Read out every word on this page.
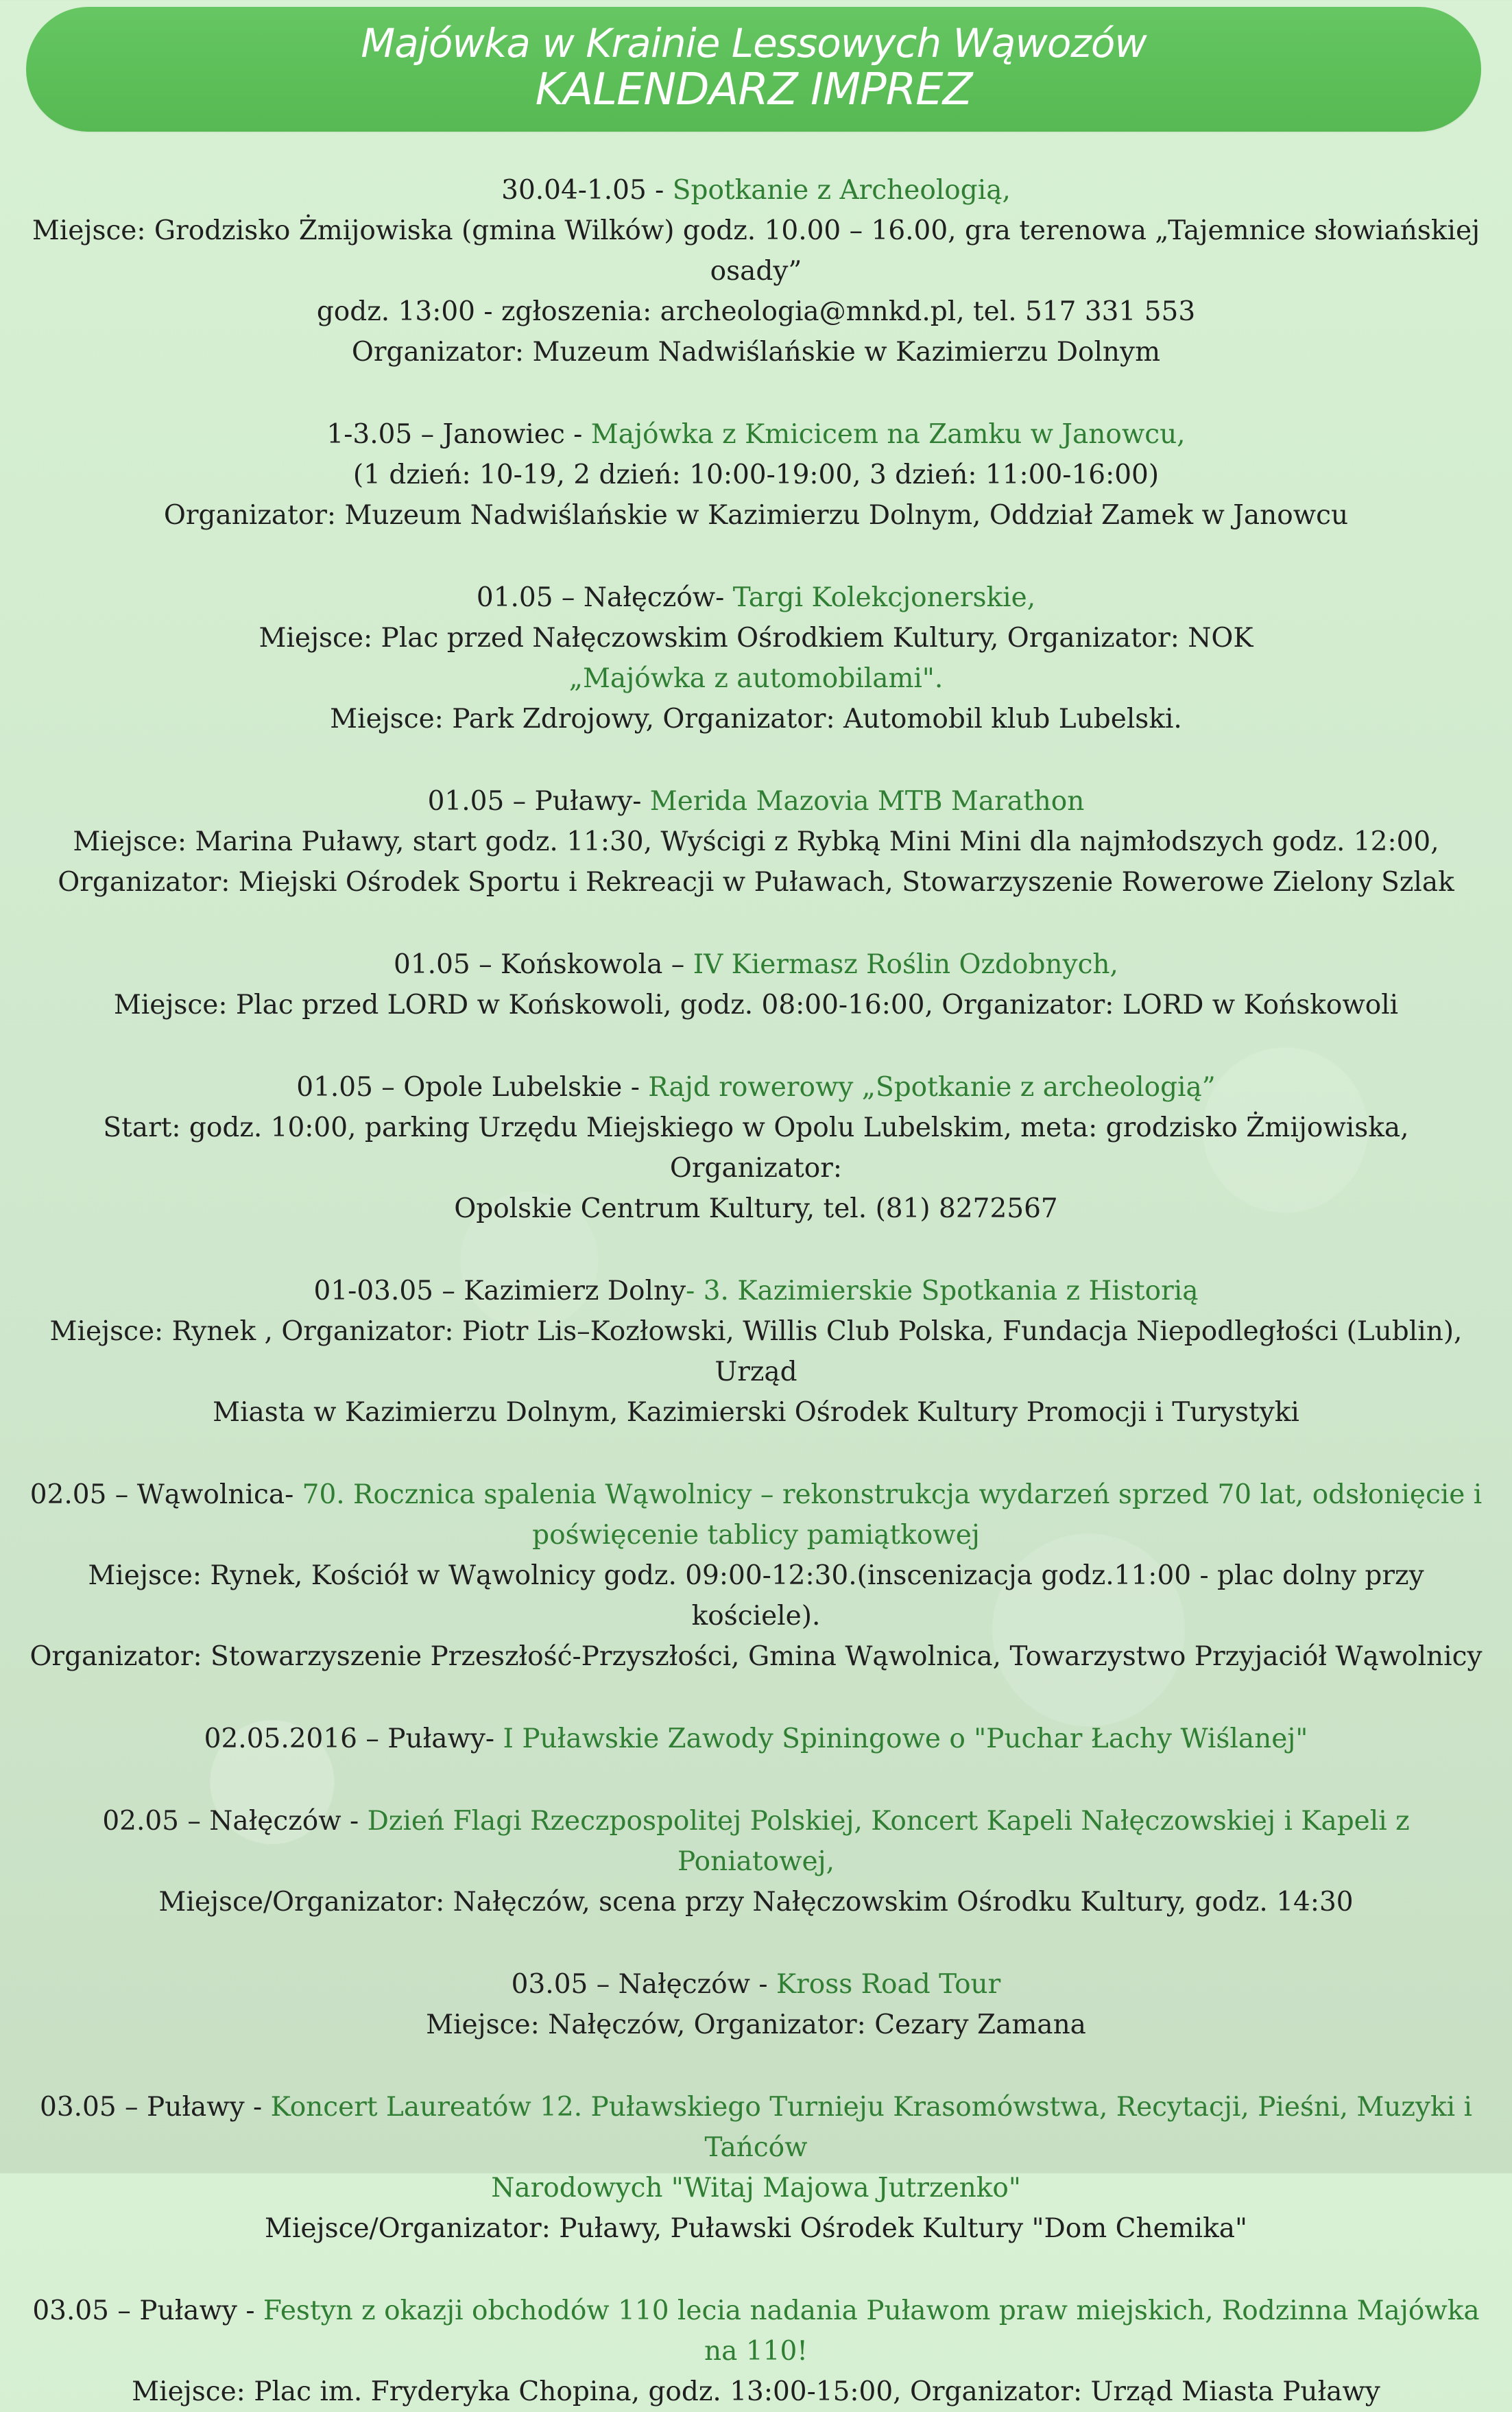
Majówka w Krainie Lessowych Wąwozów
KALENDARZ IMPREZ
30.04-1.05 - Spotkanie z Archeologią,
Miejsce: Grodzisko Żmijowiska (gmina Wilków) godz. 10.00 – 16.00, gra terenowa „Tajemnice słowiańskiej osady”
godz. 13:00 - zgłoszenia: archeologia@mnkd.pl, tel. 517 331 553
Organizator: Muzeum Nadwiślańskie w Kazimierzu Dolnym
1-3.05 – Janowiec - Majówka z Kmicicem na Zamku w Janowcu,
(1 dzień: 10-19, 2 dzień: 10:00-19:00, 3 dzień: 11:00-16:00)
Organizator: Muzeum Nadwiślańskie w Kazimierzu Dolnym, Oddział Zamek w Janowcu
01.05 – Nałęczów- Targi Kolekcjonerskie,
Miejsce: Plac przed Nałęczowskim Ośrodkiem Kultury, Organizator: NOK
„Majówka z automobilami".
Miejsce: Park Zdrojowy, Organizator: Automobil klub Lubelski.
01.05 – Puławy- Merida Mazovia MTB Marathon
Miejsce: Marina Puławy, start godz. 11:30, Wyścigi z Rybką Mini Mini dla najmłodszych godz. 12:00,
Organizator: Miejski Ośrodek Sportu i Rekreacji w Puławach, Stowarzyszenie Rowerowe Zielony Szlak
01.05 – Końskowola – IV Kiermasz Roślin Ozdobnych,
Miejsce: Plac przed LORD w Końskowoli, godz. 08:00-16:00, Organizator: LORD w Końskowoli
01.05 – Opole Lubelskie - Rajd rowerowy „Spotkanie z archeologią”
Start: godz. 10:00, parking Urzędu Miejskiego w Opolu Lubelskim, meta: grodzisko Żmijowiska, Organizator:
Opolskie Centrum Kultury, tel. (81) 8272567
01-03.05 – Kazimierz Dolny- 3. Kazimierskie Spotkania z Historią
Miejsce: Rynek , Organizator: Piotr Lis–Kozłowski, Willis Club Polska, Fundacja Niepodległości (Lublin), Urząd
Miasta w Kazimierzu Dolnym, Kazimierski Ośrodek Kultury Promocji i Turystyki
02.05 – Wąwolnica- 70. Rocznica spalenia Wąwolnicy – rekonstrukcja wydarzeń sprzed 70 lat, odsłonięcie i
poświęcenie tablicy pamiątkowej
Miejsce: Rynek, Kościół w Wąwolnicy godz. 09:00-12:30.(inscenizacja godz.11:00 - plac dolny przy kościele).
Organizator: Stowarzyszenie Przeszłość-Przyszłości, Gmina Wąwolnica, Towarzystwo Przyjaciół Wąwolnicy
02.05.2016 – Puławy- I Puławskie Zawody Spiningowe o "Puchar Łachy Wiślanej"
02.05 – Nałęczów - Dzień Flagi Rzeczpospolitej Polskiej, Koncert Kapeli Nałęczowskiej i Kapeli z Poniatowej,
Miejsce/Organizator: Nałęczów, scena przy Nałęczowskim Ośrodku Kultury, godz. 14:30
03.05 – Nałęczów - Kross Road Tour
Miejsce: Nałęczów, Organizator: Cezary Zamana
03.05 – Puławy - Koncert Laureatów 12. Puławskiego Turnieju Krasomówstwa, Recytacji, Pieśni, Muzyki i Tańców
Narodowych "Witaj Majowa Jutrzenko"
Miejsce/Organizator: Puławy, Puławski Ośrodek Kultury "Dom Chemika"
03.05 – Puławy - Festyn z okazji obchodów 110 lecia nadania Puławom praw miejskich, Rodzinna Majówka na 110!
Miejsce: Plac im. Fryderyka Chopina, godz. 13:00-15:00, Organizator: Urząd Miasta Puławy
